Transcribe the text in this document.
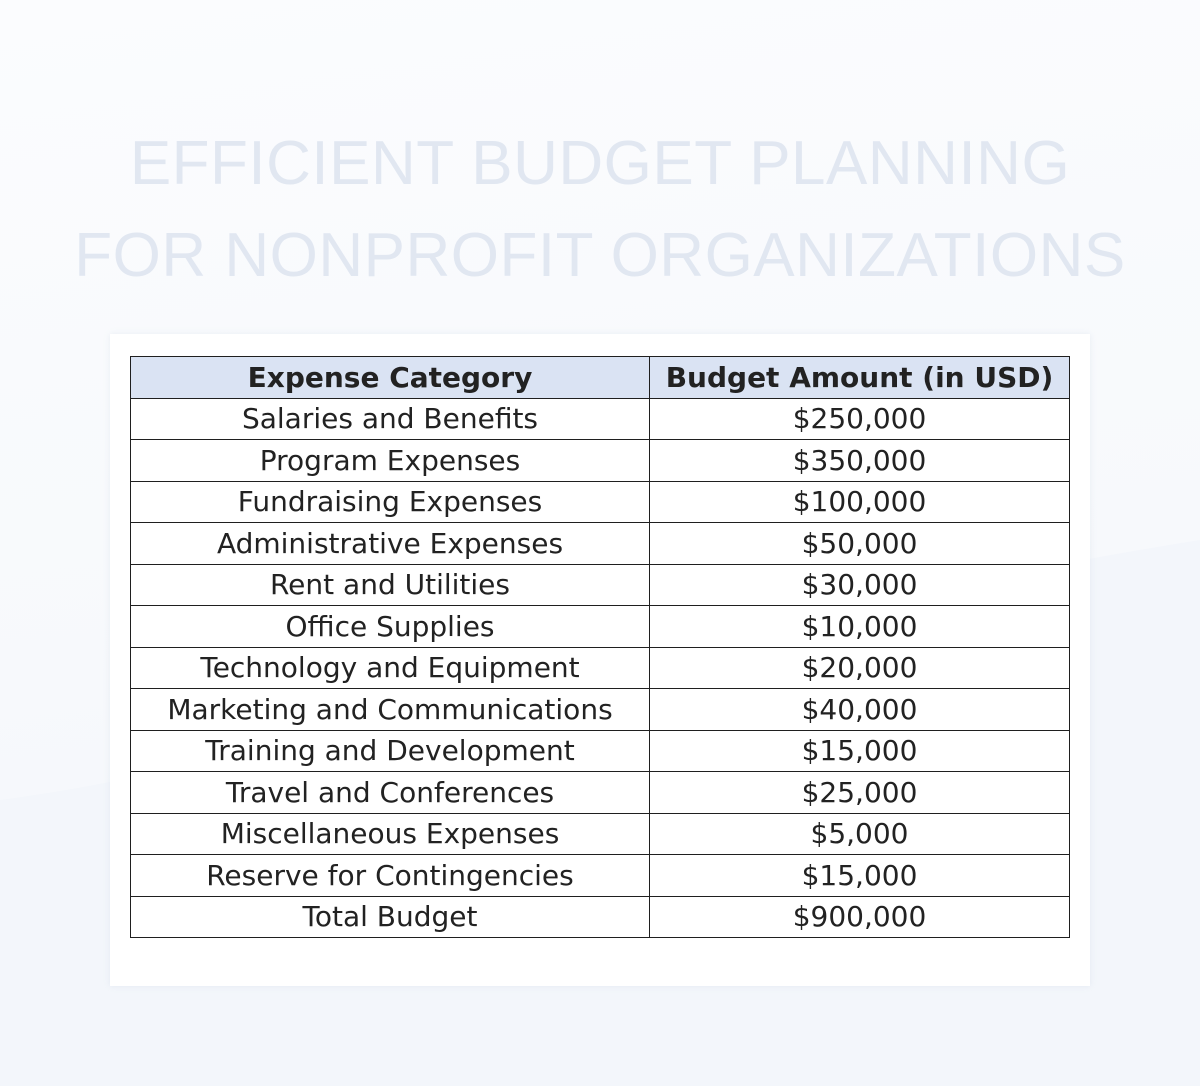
EFFICIENT BUDGET PLANNING
FOR NONPROFIT ORGANIZATIONS
Expense Category	Budget Amount (in USD)
Salaries and Benefits	$250,000
Program Expenses	$350,000
Fundraising Expenses	$100,000
Administrative Expenses	$50,000
Rent and Utilities	$30,000
Office Supplies	$10,000
Technology and Equipment	$20,000
Marketing and Communications	$40,000
Training and Development	$15,000
Travel and Conferences	$25,000
Miscellaneous Expenses	$5,000
Reserve for Contingencies	$15,000
Total Budget	$900,000
